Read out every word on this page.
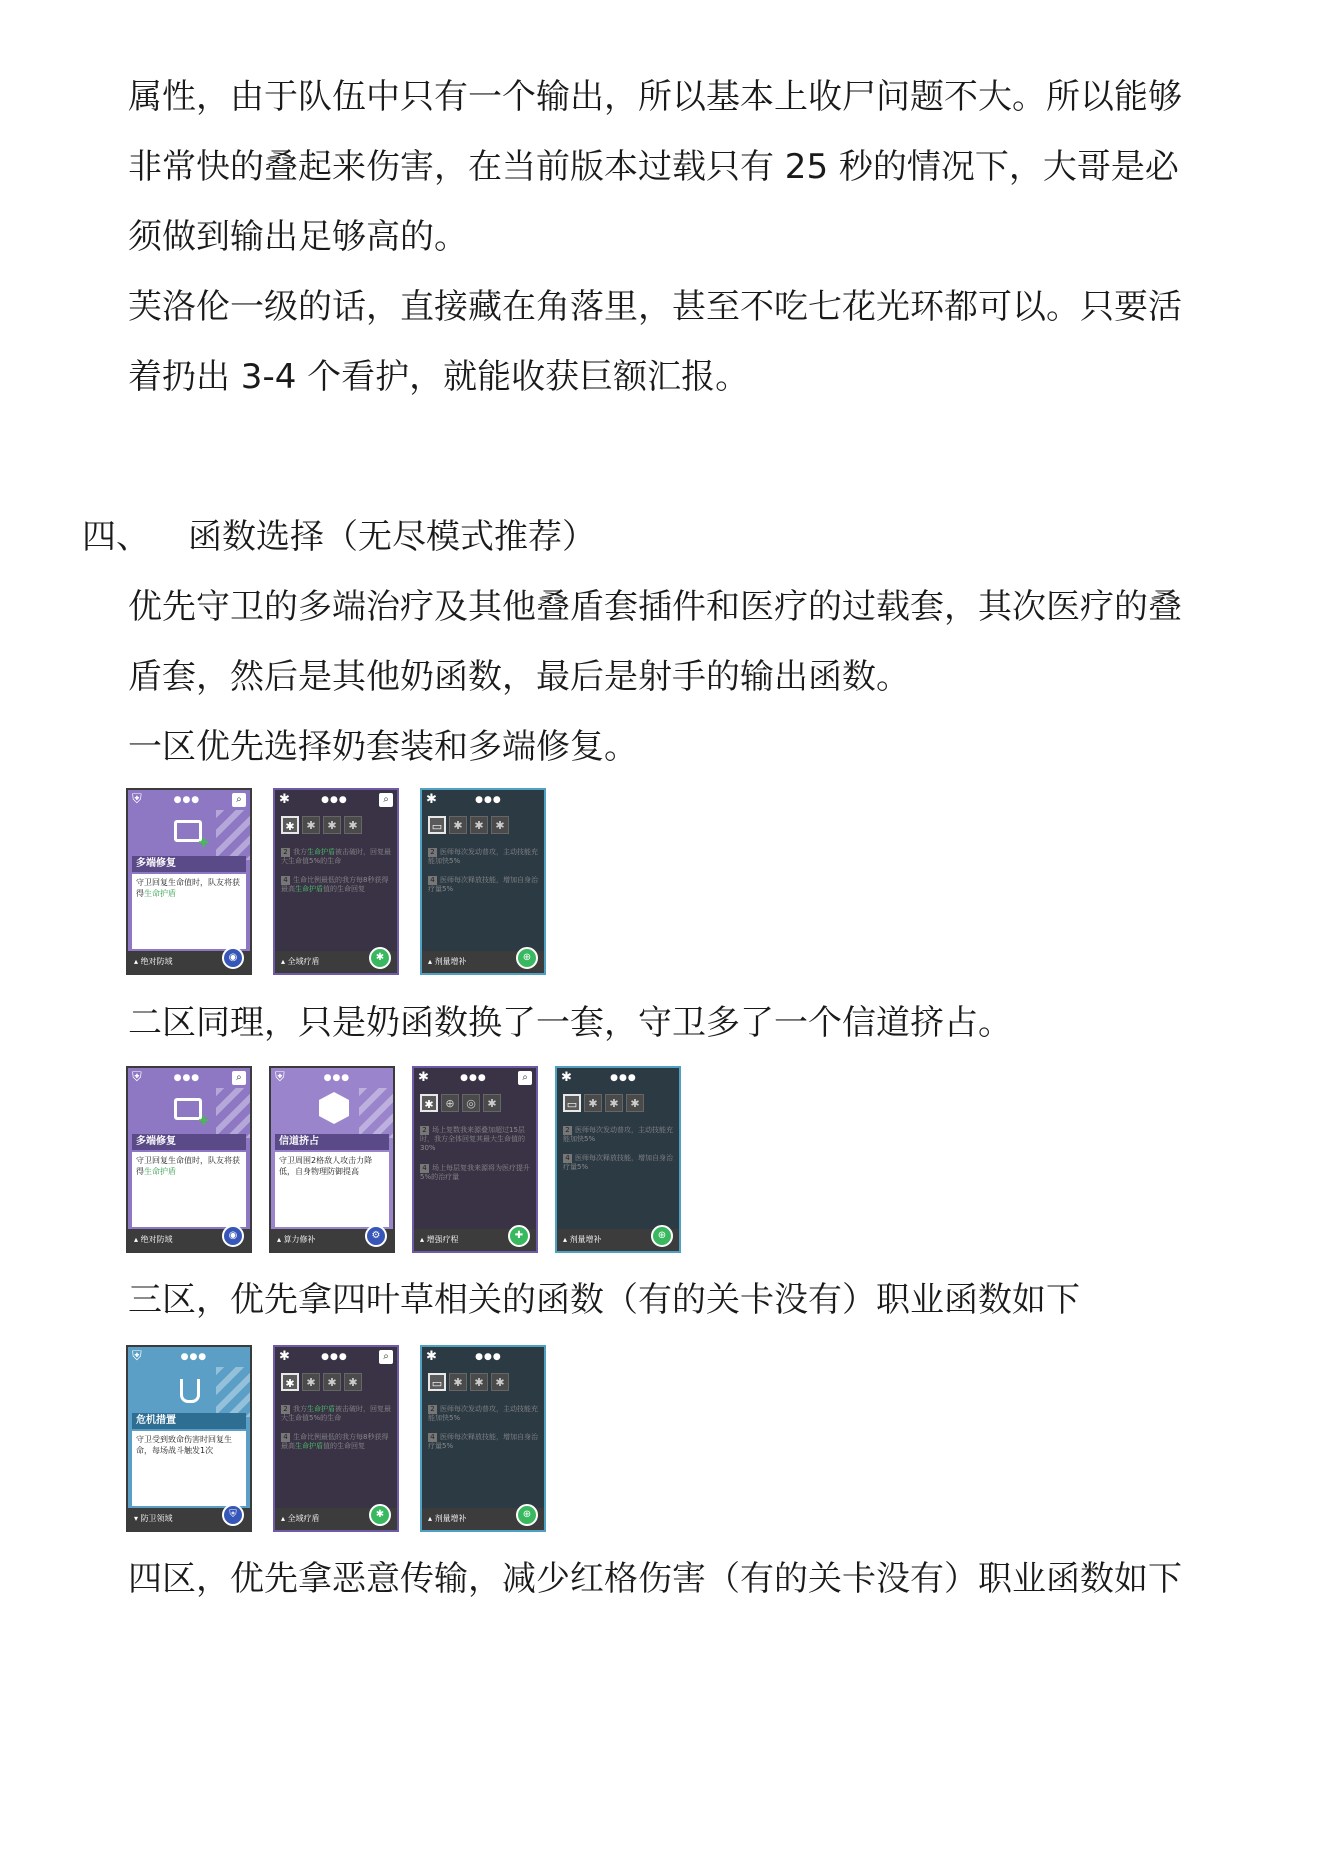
属性，由于队伍中只有一个输出，所以基本上收尸问题不大。所以能够
非常快的叠起来伤害，在当前版本过载只有 25 秒的情况下，大哥是必
须做到输出足够高的。
芙洛伦一级的话，直接藏在角落里，甚至不吃七花光环都可以。只要活
着扔出 3-4 个看护，就能收获巨额汇报。
四、 函数选择（无尽模式推荐）
优先守卫的多端治疗及其他叠盾套插件和医疗的过载套，其次医疗的叠
盾套，然后是其他奶函数，最后是射手的输出函数。
一区优先选择奶套装和多端修复。
⛨	●●●	⌕
+
多端修复
守卫回复生命值时，队友将获得生命护盾
▴ 绝对防域	◉
✱	●●●	⌕
✱	✱	✱	✱
2 我方生命护盾被击破时，回复最大生命值5%的生命
4 生命比例最低的我方每8秒获得最高生命护盾值的生命回复
▴ 全域疗盾	✱
✱	●●●
▭	✱	✱	✱
2 医师每次发动普攻，主动技能充能加快5%
4 医师每次释放技能，增加自身治疗量5%
▴ 剂量增补	⊕
二区同理，只是奶函数换了一套，守卫多了一个信道挤占。
⛨	●●●	⌕
+
多端修复
守卫回复生命值时，队友将获得生命护盾
▴ 绝对防域	◉
⛨	●●●
信道挤占
守卫周围2格敌人攻击力降低，自身物理防御提高
▴ 算力修补	⚙
✱	●●●	⌕
✱	⊕	◎	✱
2 场上复数我来源叠加超过15层时，我方全体回复其最大生命值的30%
4 场上每层复我来源将为医疗提升5%的治疗量
▴ 增强疗程	✚
✱	●●●
▭	✱	✱	✱
2 医师每次发动普攻，主动技能充能加快5%
4 医师每次释放技能，增加自身治疗量5%
▴ 剂量增补	⊕
三区，优先拿四叶草相关的函数（有的关卡没有）职业函数如下
⛨	●●●
危机措置
守卫受到致命伤害时回复生命，每场战斗触发1次
▾ 防卫领域	⛨
✱	●●●	⌕
✱	✱	✱	✱
2 我方生命护盾被击破时，回复最大生命值5%的生命
4 生命比例最低的我方每8秒获得最高生命护盾值的生命回复
▴ 全域疗盾	✱
✱	●●●
▭	✱	✱	✱
2 医师每次发动普攻，主动技能充能加快5%
4 医师每次释放技能，增加自身治疗量5%
▴ 剂量增补	⊕
四区，优先拿恶意传输，减少红格伤害（有的关卡没有）职业函数如下
